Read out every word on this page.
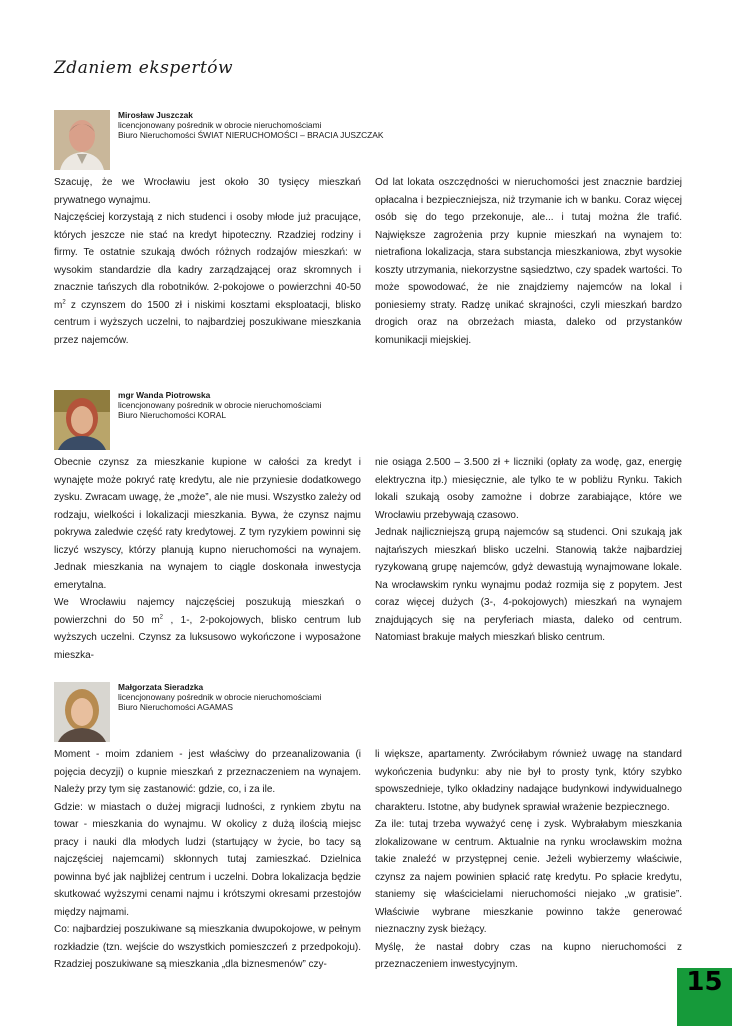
Zdaniem ekspertów
Mirosław Juszczak
licencjonowany pośrednik w obrocie nieruchomościami
Biuro Nieruchomości ŚWIAT NIERUCHOMOŚCI – BRACIA JUSZCZAK

Szacuję, że we Wrocławiu jest około 30 tysięcy mieszkań prywatnego wynajmu.

Najczęściej korzystają z nich studenci i osoby młode już pracujące, których jeszcze nie stać na kredyt hipoteczny. Rzadziej rodziny i firmy. Te ostatnie szukają dwóch różnych rodzajów mieszkań: w wysokim standardzie dla kadry zarządzającej oraz skromnych i znacznie tańszych dla robotników. 2-pokojowe o powierzchni 40-50 $m^2$ z czynszem do 1500 zł i niskimi kosztami eksploatacji, blisko centrum i wyższych uczelni, to najbardziej poszukiwane mieszkania przez najemców.

Od lat lokata oszczędności w nieruchomości jest znacznie bardziej opłacalna i bezpieczniejsza, niż trzymanie ich w banku. Coraz więcej osób się do tego przekonuje, ale... i tutaj można źle trafić. Największe zagrożenia przy kupnie mieszkań na wynajem to: nietrafiona lokalizacja, stara substancja mieszkaniowa, zbyt wysokie koszty utrzymania, niekorzystne sąsiedztwo, czy spadek wartości. To może spowodować, że nie znajdziemy najemców na lokal i poniesiemy straty. Radzę unikać skrajności, czyli mieszkań bardzo drogich oraz na obrzeżach miasta, daleko od przystanków komunikacji miejskiej.

mgr Wanda Piotrowska
licencjonowany pośrednik w obrocie nieruchomościami
Biuro Nieruchomości KORAL

Obecnie czynsz za mieszkanie kupione w całości za kredyt i wynajęte może pokryć ratę kredytu, ale nie przyniesie dodatkowego zysku. Zwracam uwagę, że „może”, ale nie musi. Wszystko zależy od rodzaju, wielkości i lokalizacji mieszkania. Bywa, że czynsz najmu pokrywa zaledwie część raty kredytowej. Z tym ryzykiem powinni się liczyć wszyscy, którzy planują kupno nieruchomości na wynajem. Jednak mieszkania na wynajem to ciągle doskonała inwestycja emerytalna.

We Wrocławiu najemcy najczęściej poszukują mieszkań o powierzchni do 50 $m^2$ , 1-, 2-pokojowych, blisko centrum lub wyższych uczelni. Czynsz za luksusowo wykończone i wyposażone mieszka-

nie osiąga 2.500 – 3.500 zł + liczniki (opłaty za wodę, gaz, energię elektryczna itp.) miesięcznie, ale tylko te w pobliżu Rynku. Takich lokali szukają osoby zamożne i dobrze zarabiające, które we Wrocławiu przebywają czasowo.

Jednak najliczniejszą grupą najemców są studenci. Oni szukają jak najtańszych mieszkań blisko uczelni. Stanowią także najbardziej ryzykowaną grupę najemców, gdyż dewastują wynajmowane lokale. Na wrocławskim rynku wynajmu podaż rozmija się z popytem. Jest coraz więcej dużych (3-, 4-pokojowych) mieszkań na wynajem znajdujących się na peryferiach miasta, daleko od centrum. Natomiast brakuje małych mieszkań blisko centrum.

Małgorzata Sieradzka
licencjonowany pośrednik w obrocie nieruchomościami
Biuro Nieruchomości AGAMAS

Moment - moim zdaniem - jest właściwy do przeanalizowania (i pojęcia decyzji) o kupnie mieszkań z przeznaczeniem na wynajem. Należy przy tym się zastanowić: gdzie, co, i za ile.

Gdzie: w miastach o dużej migracji ludności, z rynkiem zbytu na towar - mieszkania do wynajmu. W okolicy z dużą ilością miejsc pracy i nauki dla młodych ludzi (startujący w życie, bo tacy są najczęściej najemcami) skłonnych tutaj zamieszkać. Dzielnica powinna być jak najbliżej centrum i uczelni. Dobra lokalizacja będzie skutkować wyższymi cenami najmu i krótszymi okresami przestojów między najmami.

Co: najbardziej poszukiwane są mieszkania dwupokojowe, w pełnym rozkładzie (tzn. wejście do wszystkich pomieszczeń z przedpokoju). Rzadziej poszukiwane są mieszkania „dla biznesmenów” czy-

li większe, apartamenty. Zwróciłabym również uwagę na standard wykończenia budynku: aby nie był to prosty tynk, który szybko spowszednieje, tylko okładziny nadające budynkowi indywidualnego charakteru. Istotne, aby budynek sprawiał wrażenie bezpiecznego.

Za ile: tutaj trzeba wyważyć cenę i zysk. Wybrałabym mieszkania zlokalizowane w centrum. Aktualnie na rynku wrocławskim można takie znaleźć w przystępnej cenie. Jeżeli wybierzemy właściwie, czynsz za najem powinien spłacić ratę kredytu. Po spłacie kredytu, staniemy się właścicielami nieruchomości niejako „w gratisie”. Właściwie wybrane mieszkanie powinno także generować nieznaczny zysk bieżący.

Myślę, że nastał dobry czas na kupno nieruchomości z przeznaczeniem inwestycyjnym.

15
